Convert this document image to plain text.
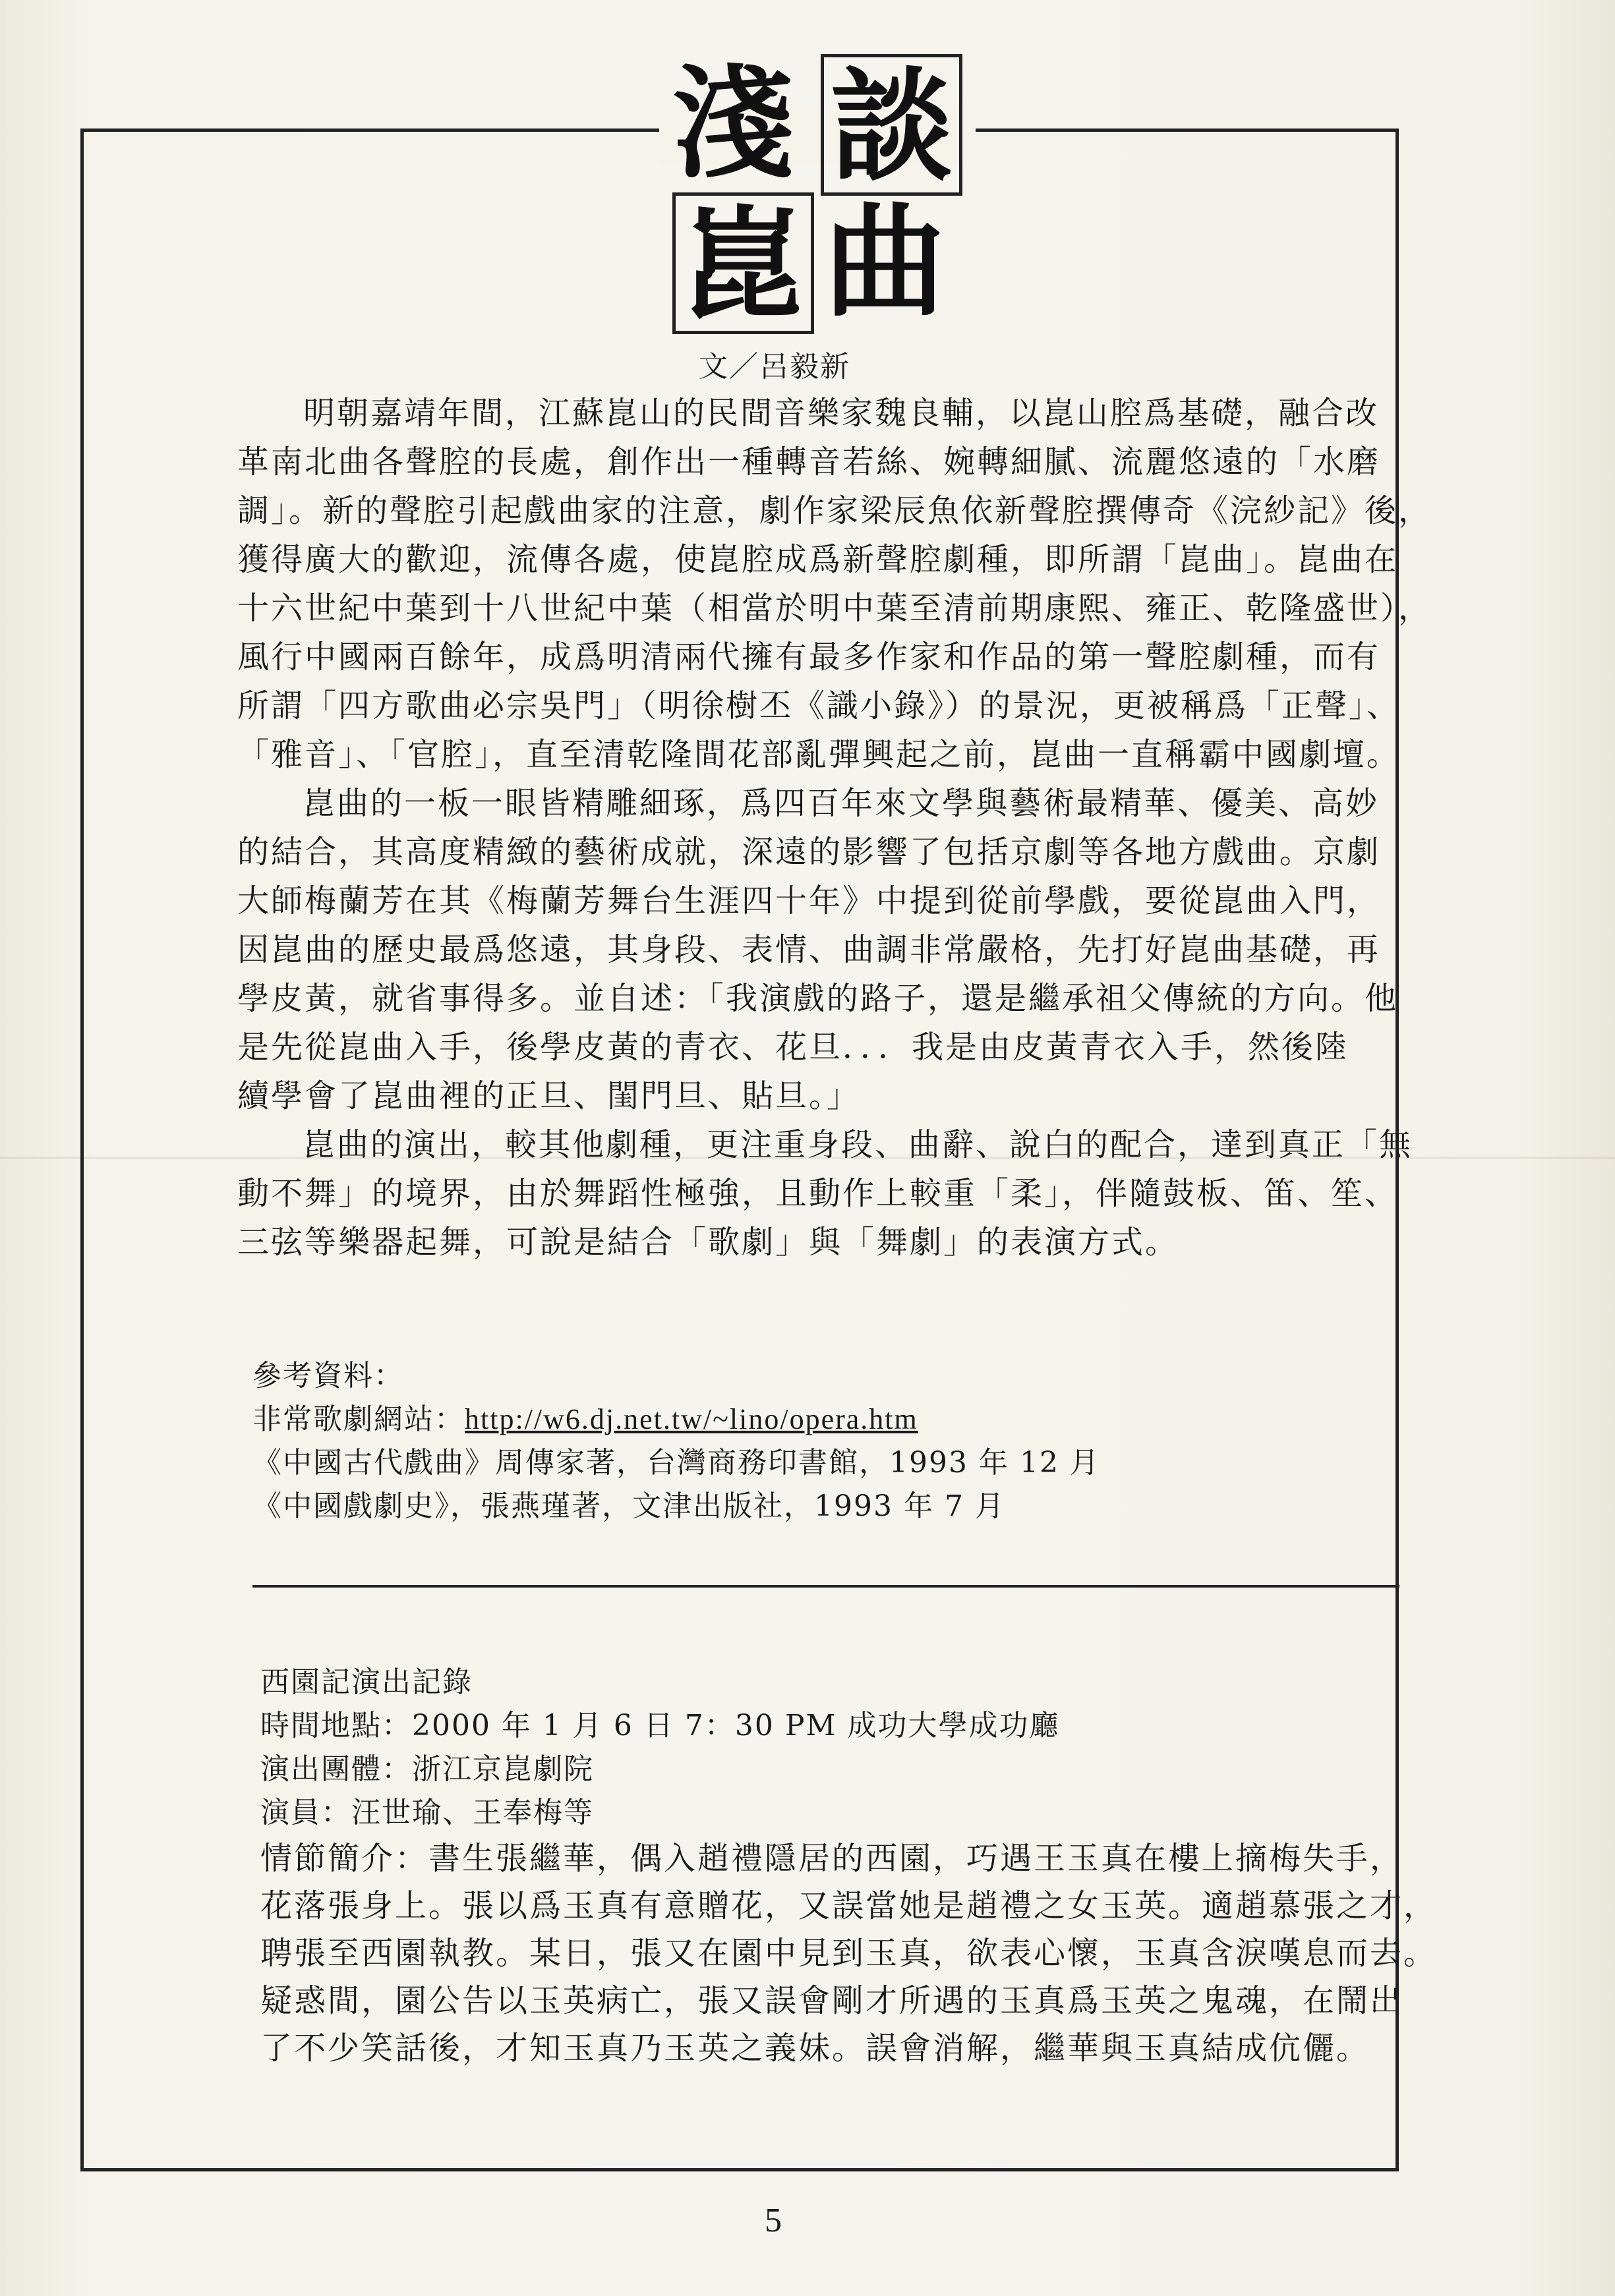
淺 談
崑 曲
文／呂毅新
明朝嘉靖年間，江蘇崑山的民間音樂家魏良輔，以崑山腔爲基礎，融合改
革南北曲各聲腔的長處，創作出一種轉音若絲、婉轉細膩、流麗悠遠的「水磨
調」。新的聲腔引起戲曲家的注意，劇作家梁辰魚依新聲腔撰傳奇《浣紗記》後，
獲得廣大的歡迎，流傳各處，使崑腔成爲新聲腔劇種，即所謂「崑曲」。崑曲在
十六世紀中葉到十八世紀中葉（相當於明中葉至清前期康熙、雍正、乾隆盛世），
風行中國兩百餘年，成爲明清兩代擁有最多作家和作品的第一聲腔劇種，而有
所謂「四方歌曲必宗吳門」（明徐樹丕《識小錄》）的景況，更被稱爲「正聲」、
「雅音」、「官腔」，直至清乾隆間花部亂彈興起之前，崑曲一直稱霸中國劇壇。
崑曲的一板一眼皆精雕細琢，爲四百年來文學與藝術最精華、優美、高妙
的結合，其高度精緻的藝術成就，深遠的影響了包括京劇等各地方戲曲。京劇
大師梅蘭芳在其《梅蘭芳舞台生涯四十年》中提到從前學戲，要從崑曲入門，
因崑曲的歷史最爲悠遠，其身段、表情、曲調非常嚴格，先打好崑曲基礎，再
學皮黃，就省事得多。並自述：「我演戲的路子，還是繼承祖父傳統的方向。他
是先從崑曲入手，後學皮黃的青衣、花旦．．．我是由皮黃青衣入手，然後陸
續學會了崑曲裡的正旦、閨門旦、貼旦。」
崑曲的演出，較其他劇種，更注重身段、曲辭、說白的配合，達到真正「無
動不舞」的境界，由於舞蹈性極強，且動作上較重「柔」，伴隨鼓板、笛、笙、
三弦等樂器起舞，可說是結合「歌劇」與「舞劇」的表演方式。
參考資料：
非常歌劇網站：http://w6.dj.net.tw/~lino/opera.htm
《中國古代戲曲》周傳家著，台灣商務印書館，1993 年 12 月
《中國戲劇史》，張燕瑾著，文津出版社，1993 年 7 月
西園記演出記錄
時間地點：2000 年 1 月 6 日 7：30 PM 成功大學成功廳
演出團體：浙江京崑劇院
演員：汪世瑜、王奉梅等
情節簡介：書生張繼華，偶入趙禮隱居的西園，巧遇王玉真在樓上摘梅失手，
花落張身上。張以爲玉真有意贈花，又誤當她是趙禮之女玉英。適趙慕張之才，
聘張至西園執教。某日，張又在園中見到玉真，欲表心懷，玉真含淚嘆息而去。
疑惑間，園公告以玉英病亡，張又誤會剛才所遇的玉真爲玉英之鬼魂，在鬧出
了不少笑話後，才知玉真乃玉英之義妹。誤會消解，繼華與玉真結成伉儷。
5
